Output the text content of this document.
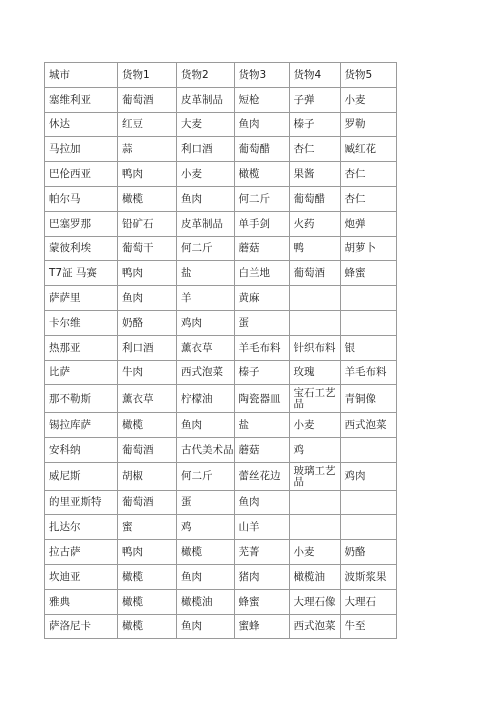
城市	货物1	货物2	货物3	货物4	货物5
塞维利亚	葡萄酒	皮革制品	短枪	子弹	小麦
休达	红豆	大麦	鱼肉	榛子	罗勒
马拉加	蒜	利口酒	葡萄醋	杏仁	臧红花
巴伦西亚	鸭肉	小麦	橄榄	果酱	杏仁
帕尔马	橄榄	鱼肉	何二斤	葡萄醋	杏仁
巴塞罗那	铅矿石	皮革制品	单手剑	火药	炮弹
蒙彼利埃	葡萄干	何二斤	蘑菇	鸭	胡萝卜
T7証 马赛	鸭肉	盐	白兰地	葡萄酒	蜂蜜
萨萨里	鱼肉	羊	黄麻		
卡尔维	奶酪	鸡肉	蛋		
热那亚	利口酒	薰衣草	羊毛布料	针织布料	银
比萨	牛肉	西式泡菜	榛子	玫瑰	羊毛布料
那不勒斯	薰衣草	柠檬油	陶瓷器皿	宝石工艺品	青铜像
锡拉库萨	橄榄	鱼肉	盐	小麦	西式泡菜
安科纳	葡萄酒	古代美术品	蘑菇	鸡	
威尼斯	胡椒	何二斤	蕾丝花边	玻璃工艺品	鸡肉
的里亚斯特	葡萄酒	蛋	鱼肉		
扎达尔	蜜	鸡	山羊		
拉古萨	鸭肉	橄榄	芜菁	小麦	奶酪
坎迪亚	橄榄	鱼肉	猪肉	橄榄油	波斯浆果
雅典	橄榄	橄榄油	蜂蜜	大理石像	大理石
萨洛尼卡	橄榄	鱼肉	蜜蜂	西式泡菜	牛至
